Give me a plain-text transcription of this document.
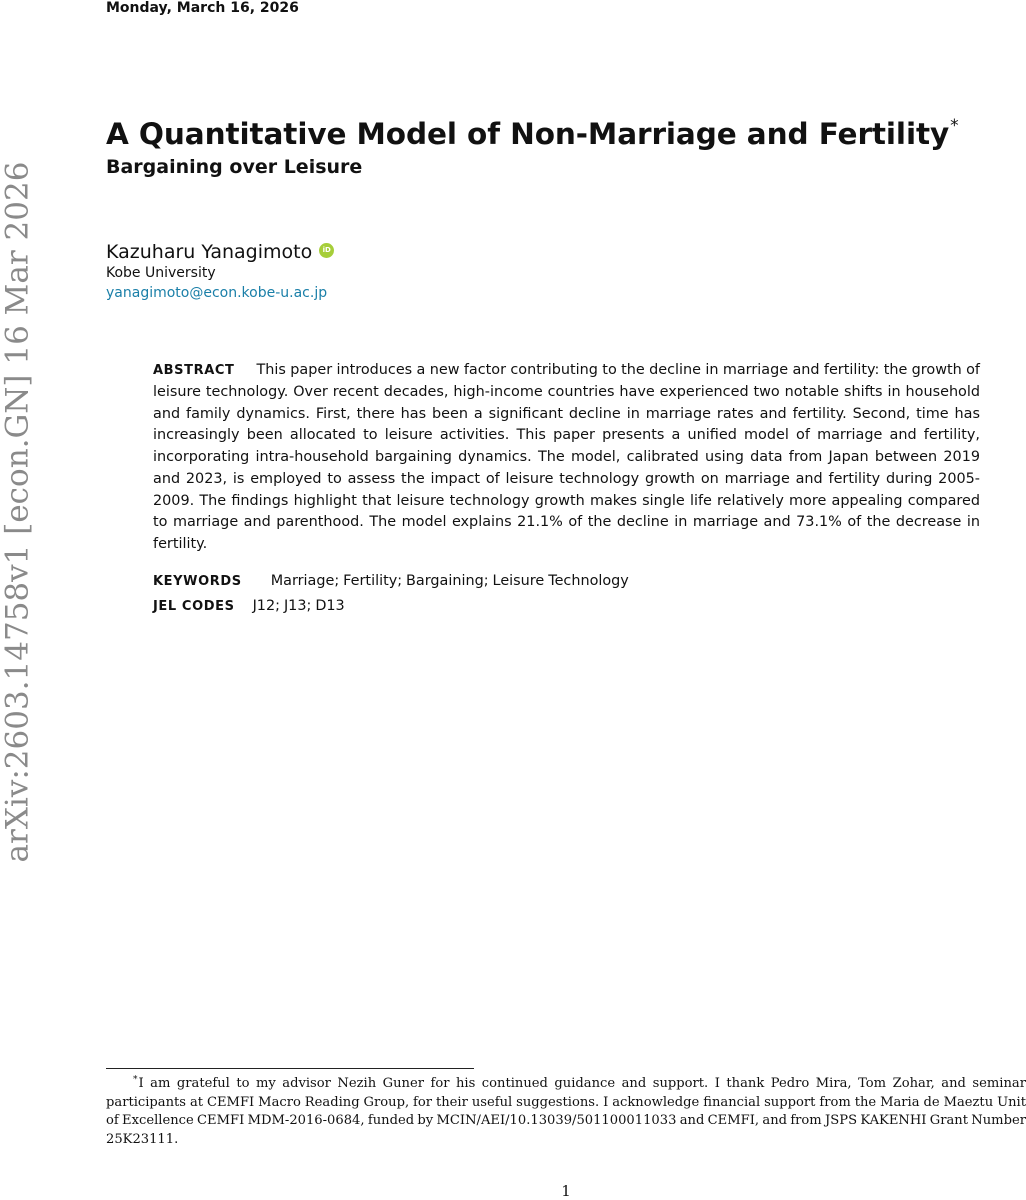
Monday, March 16, 2026
arXiv:2603.14758v1 [econ.GN] 16 Mar 2026
A Quantitative Model of Non-Marriage and Fertility*
Bargaining over Leisure
Kazuharu Yanagimoto iD
Kobe University
yanagimoto@econ.kobe-u.ac.jp

ABSTRACT This paper introduces a new factor contributing to the decline in marriage and fertility: the growth of leisure technology. Over recent decades, high-income countries have experienced two notable shifts in household and family dynamics. First, there has been a significant decline in marriage rates and fertility. Second, time has increasingly been allocated to leisure activities. This paper presents a unified model of marriage and fertility, incorporating intra-household bargaining dynamics. The model, calibrated using data from Japan between 2019 and 2023, is employed to assess the impact of leisure technology growth on marriage and fertility during 2005-2009. The findings highlight that leisure technology growth makes single life relatively more appealing compared to marriage and parenthood. The model explains 21.1% of the decline in marriage and 73.1% of the decrease in fertility.

KEYWORDS Marriage; Fertility; Bargaining; Leisure Technology
JEL CODES J12; J13; D13

*I am grateful to my advisor Nezih Guner for his continued guidance and support. I thank Pedro Mira, Tom Zohar, and seminar participants at CEMFI Macro Reading Group, for their useful suggestions. I acknowledge financial support from the Maria de Maeztu Unit of Excellence CEMFI MDM-2016-0684, funded by MCIN/AEI/10.13039/501100011033 and CEMFI, and from JSPS KAKENHI Grant Number 25K23111.

1
